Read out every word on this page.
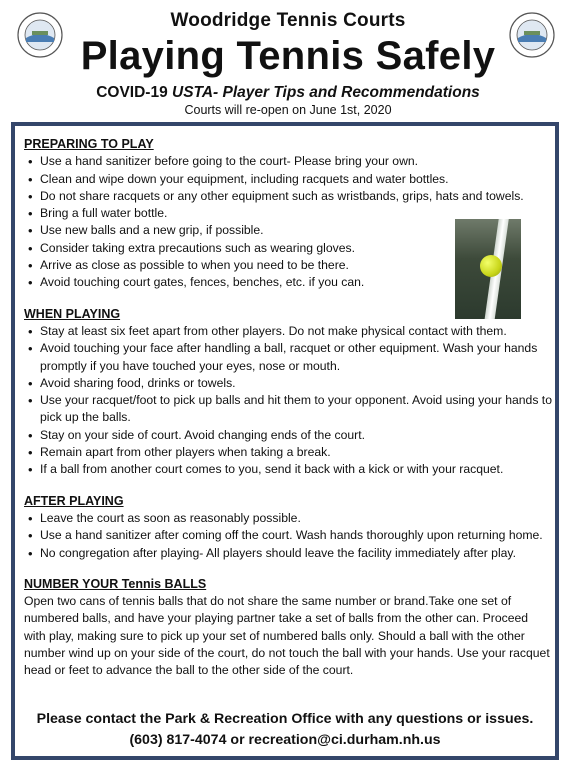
Woodridge Tennis Courts
Playing Tennis Safely
COVID-19 USTA- Player Tips and Recommendations
Courts will re-open on June 1st, 2020

PREPARING TO PLAY

• Use a hand sanitizer before going to the court- Please bring your own.
• Clean and wipe down your equipment, including racquets and water bottles.
• Do not share racquets or any other equipment such as wristbands, grips, hats and towels.
• Bring a full water bottle.
• Use new balls and a new grip, if possible.
• Consider taking extra precautions such as wearing gloves.
• Arrive as close as possible to when you need to be there.
• Avoid touching court gates, fences, benches, etc. if you can.

WHEN PLAYING

• Stay at least six feet apart from other players. Do not make physical contact with them.
• Avoid touching your face after handling a ball, racquet or other equipment. Wash your hands promptly if you have touched your eyes, nose or mouth.
• Avoid sharing food, drinks or towels.
• Use your racquet/foot to pick up balls and hit them to your opponent. Avoid using your hands to pick up the balls.
• Stay on your side of court. Avoid changing ends of the court.
• Remain apart from other players when taking a break.
• If a ball from another court comes to you, send it back with a kick or with your racquet.

AFTER PLAYING

• Leave the court as soon as reasonably possible.
• Use a hand sanitizer after coming off the court. Wash hands thoroughly upon returning home.
• No congregation after playing- All players should leave the facility immediately after play.

NUMBER YOUR Tennis BALLS

Open two cans of tennis balls that do not share the same number or brand.Take one set of numbered balls, and have your playing partner take a set of balls from the other can. Proceed with play, making sure to pick up your set of numbered balls only. Should a ball with the other number wind up on your side of the court, do not touch the ball with your hands. Use your racquet head or feet to advance the ball to the other side of the court.

Please contact the Park & Recreation Office with any questions or issues.
(603) 817-4074 or recreation@ci.durham.nh.us
